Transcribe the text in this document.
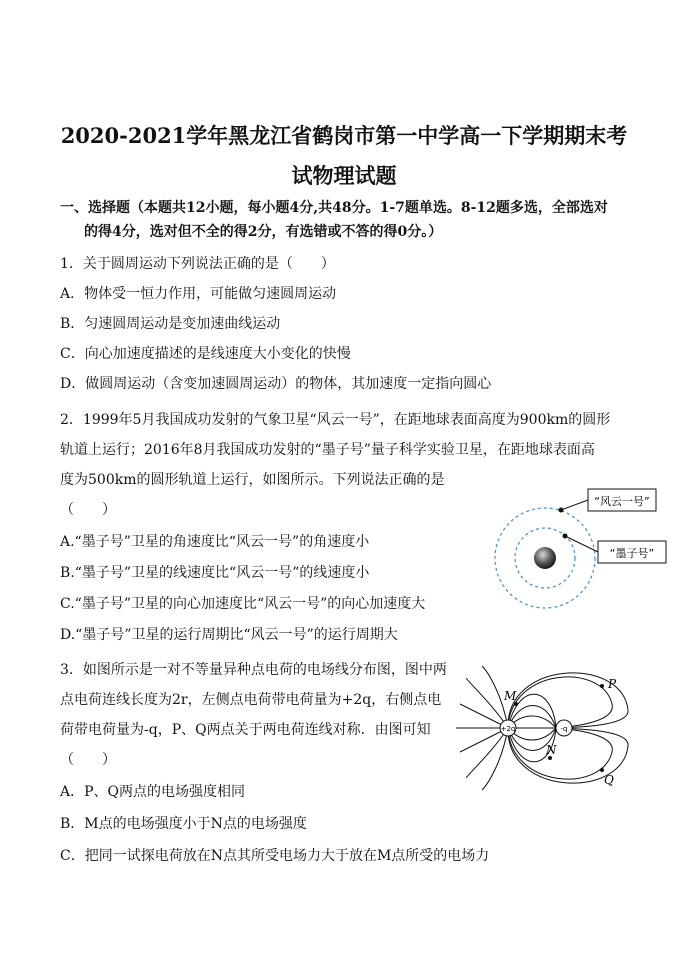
2020-2021学年黑龙江省鹤岗市第一中学高一下学期期末考
试物理试题
一、选择题（本题共12小题，每小题4分,共48分。1-7题单选。8-12题多选，全部选对
的得4分，选对但不全的得2分，有选错或不答的得0分。）
1．关于圆周运动下列说法正确的是（　　）
A．物体受一恒力作用，可能做匀速圆周运动
B．匀速圆周运动是变加速曲线运动
C．向心加速度描述的是线速度大小变化的快慢
D．做圆周运动（含变加速圆周运动）的物体，其加速度一定指向圆心
2．1999年5月我国成功发射的气象卫星“风云一号”，在距地球表面高度为900km的圆形
轨道上运行；2016年8月我国成功发射的“墨子号”量子科学实验卫星，在距地球表面高
度为500km的圆形轨道上运行，如图所示。下列说法正确的是
（　　）
A.“墨子号”卫星的角速度比“风云一号”的角速度小
B.“墨子号”卫星的线速度比“风云一号”的线速度小
C.“墨子号”卫星的向心加速度比“风云一号”的向心加速度大
D.“墨子号”卫星的运行周期比“风云一号”的运行周期大
“风云一号”
“墨子号”
3．如图所示是一对不等量异种点电荷的电场线分布图，图中两
点电荷连线长度为2r，左侧点电荷带电荷量为+2q，右侧点电
荷带电荷量为-q，P、Q两点关于两电荷连线对称．由图可知
（　　）
A．P、Q两点的电场强度相同
B．M点的电场强度小于N点的电场强度
C．把同一试探电荷放在N点其所受电场力大于放在M点所受的电场力
+2q	-q
M
N
P
Q
